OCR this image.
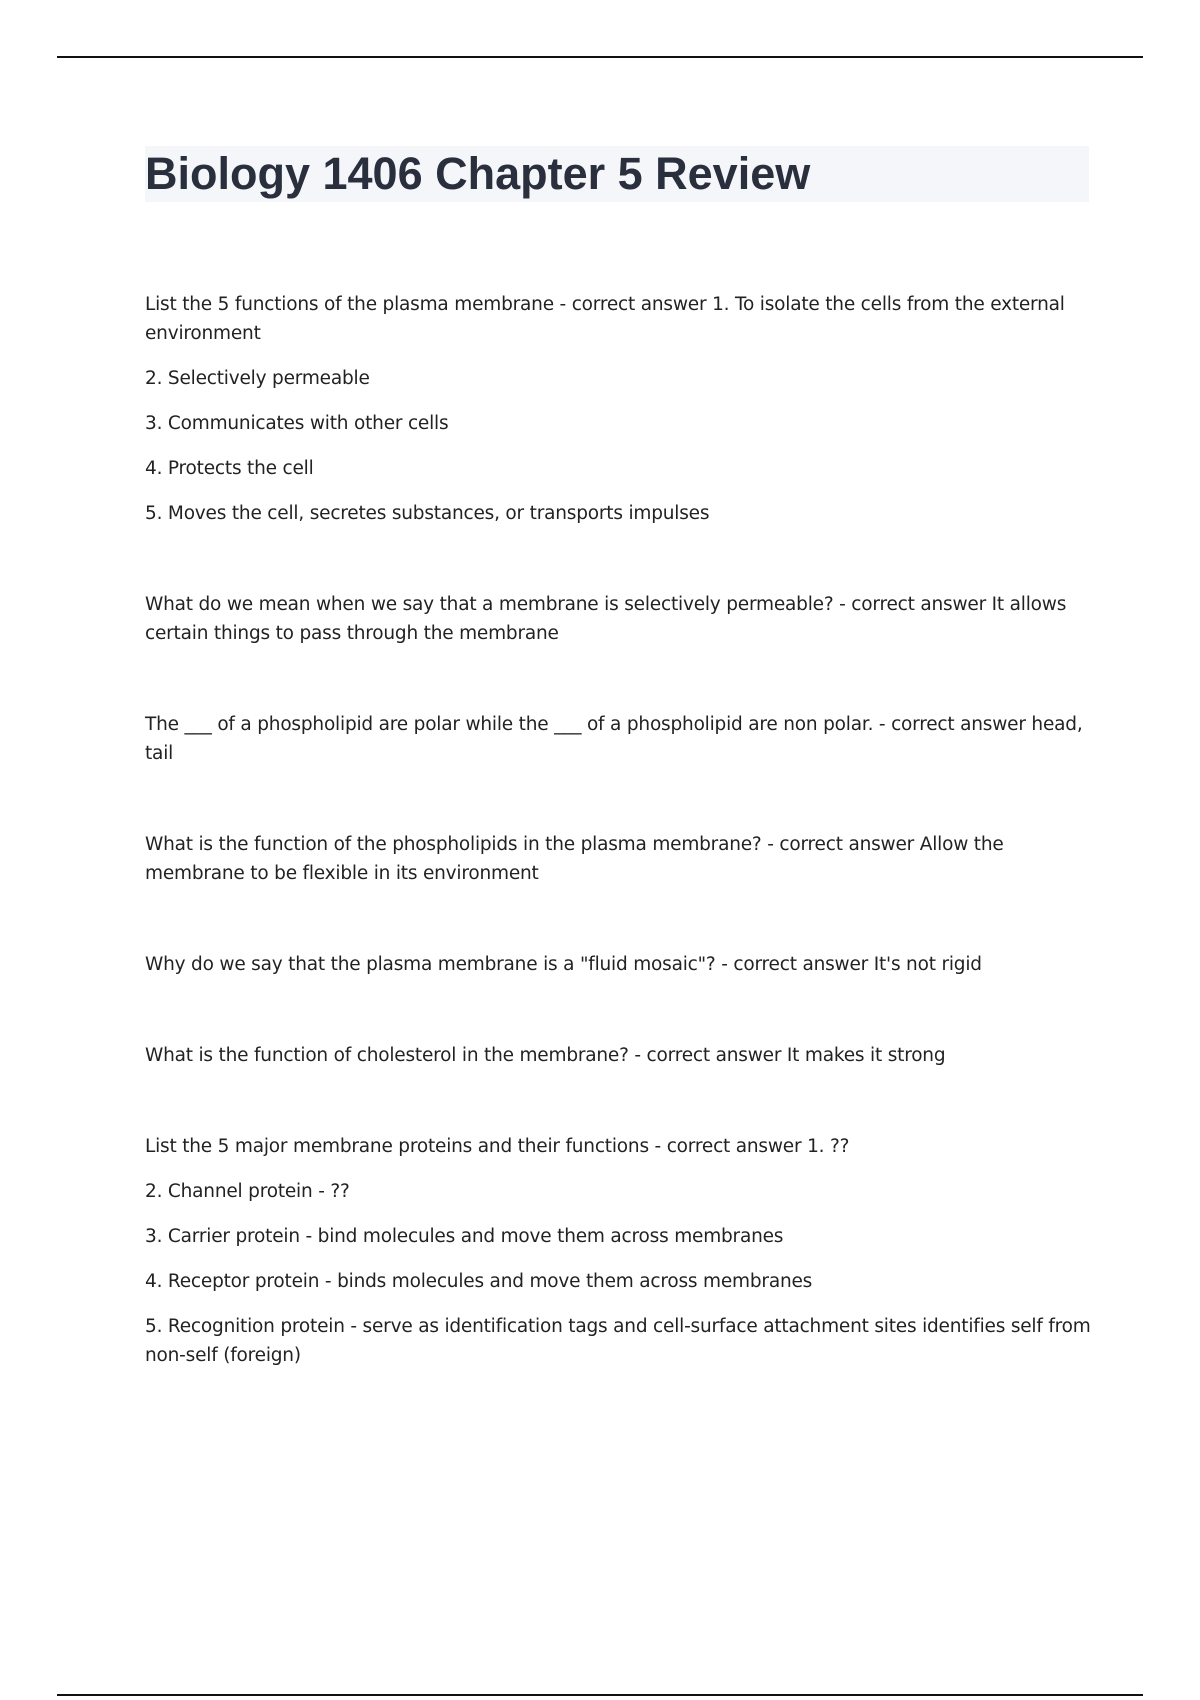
Biology 1406 Chapter 5 Review

List the 5 functions of the plasma membrane - correct answer 1. To isolate the cells from the external environment

2. Selectively permeable

3. Communicates with other cells

4. Protects the cell

5. Moves the cell, secretes substances, or transports impulses

What do we mean when we say that a membrane is selectively permeable? - correct answer It allows certain things to pass through the membrane

The ___ of a phospholipid are polar while the ___ of a phospholipid are non polar. - correct answer head, tail

What is the function of the phospholipids in the plasma membrane? - correct answer Allow the membrane to be flexible in its environment

Why do we say that the plasma membrane is a "fluid mosaic"? - correct answer It's not rigid

What is the function of cholesterol in the membrane? - correct answer It makes it strong

List the 5 major membrane proteins and their functions - correct answer 1. ??

2. Channel protein - ??

3. Carrier protein - bind molecules and move them across membranes

4. Receptor protein - binds molecules and move them across membranes

5. Recognition protein - serve as identification tags and cell-surface attachment sites identifies self from non-self (foreign)
